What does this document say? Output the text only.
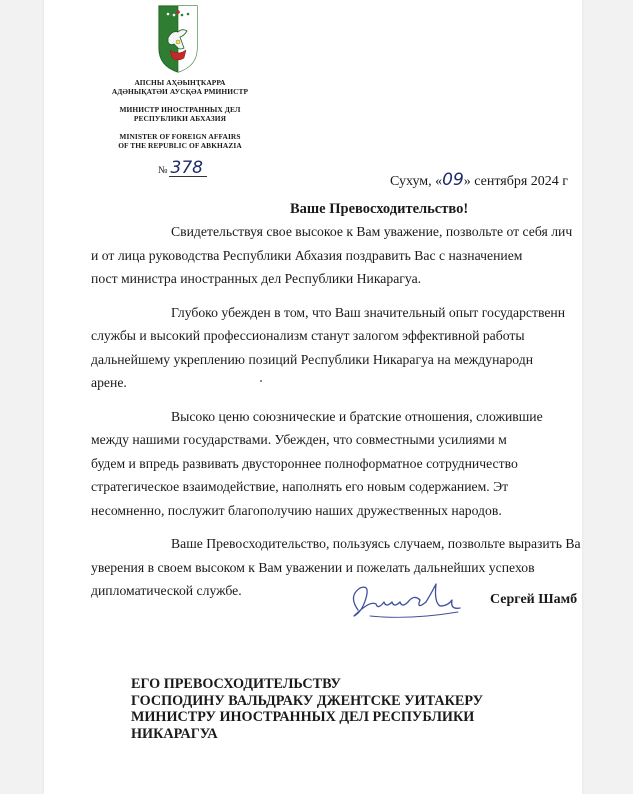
АПСНЫ АҲӘЫНҬКАРРА
АДӘНЫҚАТӘИ АУСҚӘА РМИНИСТР
МИНИСТР ИНОСТРАННЫХ ДЕЛ
РЕСПУБЛИКИ АБХАЗИЯ
MINISTER OF FOREIGN AFFAIRS
OF THE REPUBLIC OF ABKHAZIA
№ 378
Сухум, «09» сентября 2024 г
Ваше Превосходительство!

Свидетельствуя свое высокое к Вам уважение, позвольте от себя лич
и от лица руководства Республики Абхазия поздравить Вас с назначением
пост министра иностранных дел Республики Никарагуа.

Глубоко убежден в том, что Ваш значительный опыт государственн
службы и высокий профессионализм станут залогом эффективной работы
дальнейшему укреплению позиций Республики Никарагуа на международн
арене.

Высоко ценю союзнические и братские отношения, сложившие
между нашими государствами. Убежден, что совместными усилиями м
будем и впредь развивать двустороннее полноформатное сотрудничество
стратегическое взаимодействие, наполнять его новым содержанием. Эт
несомненно, послужит благополучию наших дружественных народов.

Ваше Превосходительство, пользуясь случаем, позвольте выразить Ва
уверения в своем высоком к Вам уважении и пожелать дальнейших успехов
дипломатической службе.

Сергей Шамб
ЕГО ПРЕВОСХОДИТЕЛЬСТВУ
ГОСПОДИНУ ВАЛЬДРАКУ ДЖЕНТСКЕ УИТАКЕРУ
МИНИСТРУ ИНОСТРАННЫХ ДЕЛ РЕСПУБЛИКИ
НИКАРАГУА
